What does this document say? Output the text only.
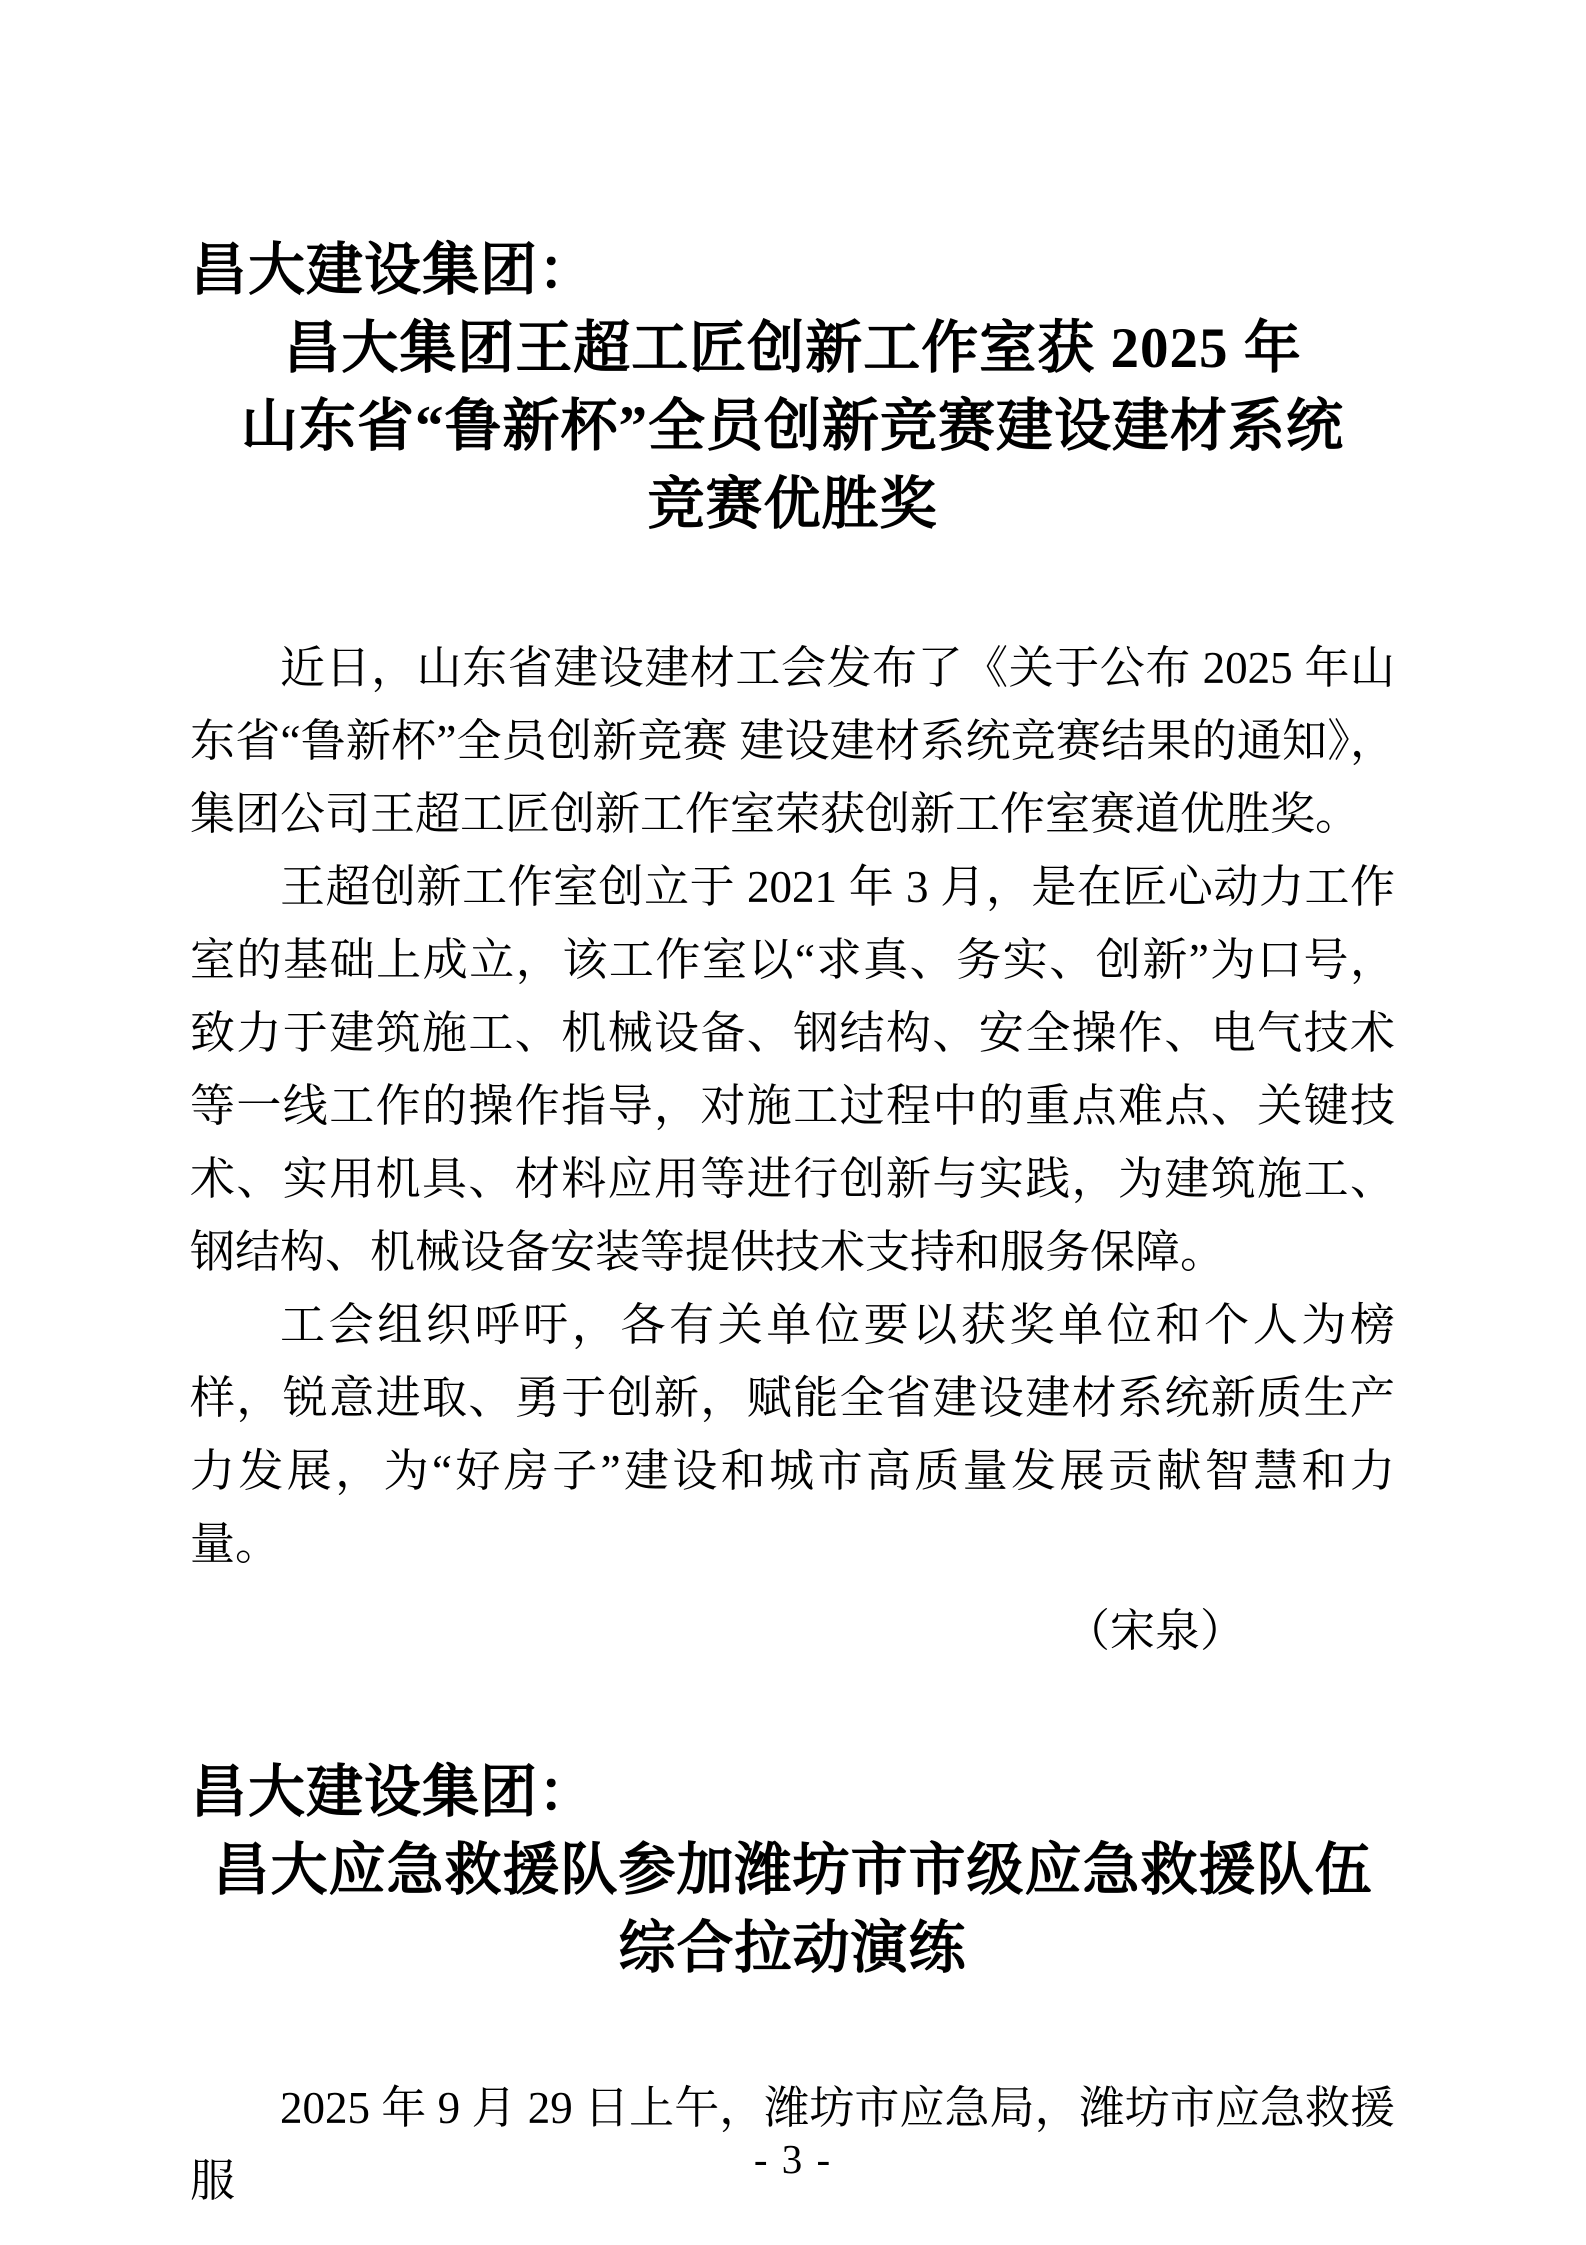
昌大建设集团：
昌大集团王超工匠创新工作室获 2025 年
山东省“鲁新杯”全员创新竞赛建设建材系统
竞赛优胜奖

近日，山东省建设建材工会发布了《关于公布 2025 年山东省“鲁新杯”全员创新竞赛 建设建材系统竞赛结果的通知》，集团公司王超工匠创新工作室荣获创新工作室赛道优胜奖。

王超创新工作室创立于 2021 年 3 月，是在匠心动力工作室的基础上成立，该工作室以“求真、务实、创新”为口号，致力于建筑施工、机械设备、钢结构、安全操作、电气技术等一线工作的操作指导，对施工过程中的重点难点、关键技术、实用机具、材料应用等进行创新与实践，为建筑施工、钢结构、机械设备安装等提供技术支持和服务保障。

工会组织呼吁，各有关单位要以获奖单位和个人为榜样，锐意进取、勇于创新，赋能全省建设建材系统新质生产力发展，为“好房子”建设和城市高质量发展贡献智慧和力量。

（宋泉）

昌大建设集团：
昌大应急救援队参加潍坊市市级应急救援队伍
综合拉动演练

2025 年 9 月 29 日上午，潍坊市应急局，潍坊市应急救援服	- 3 -
